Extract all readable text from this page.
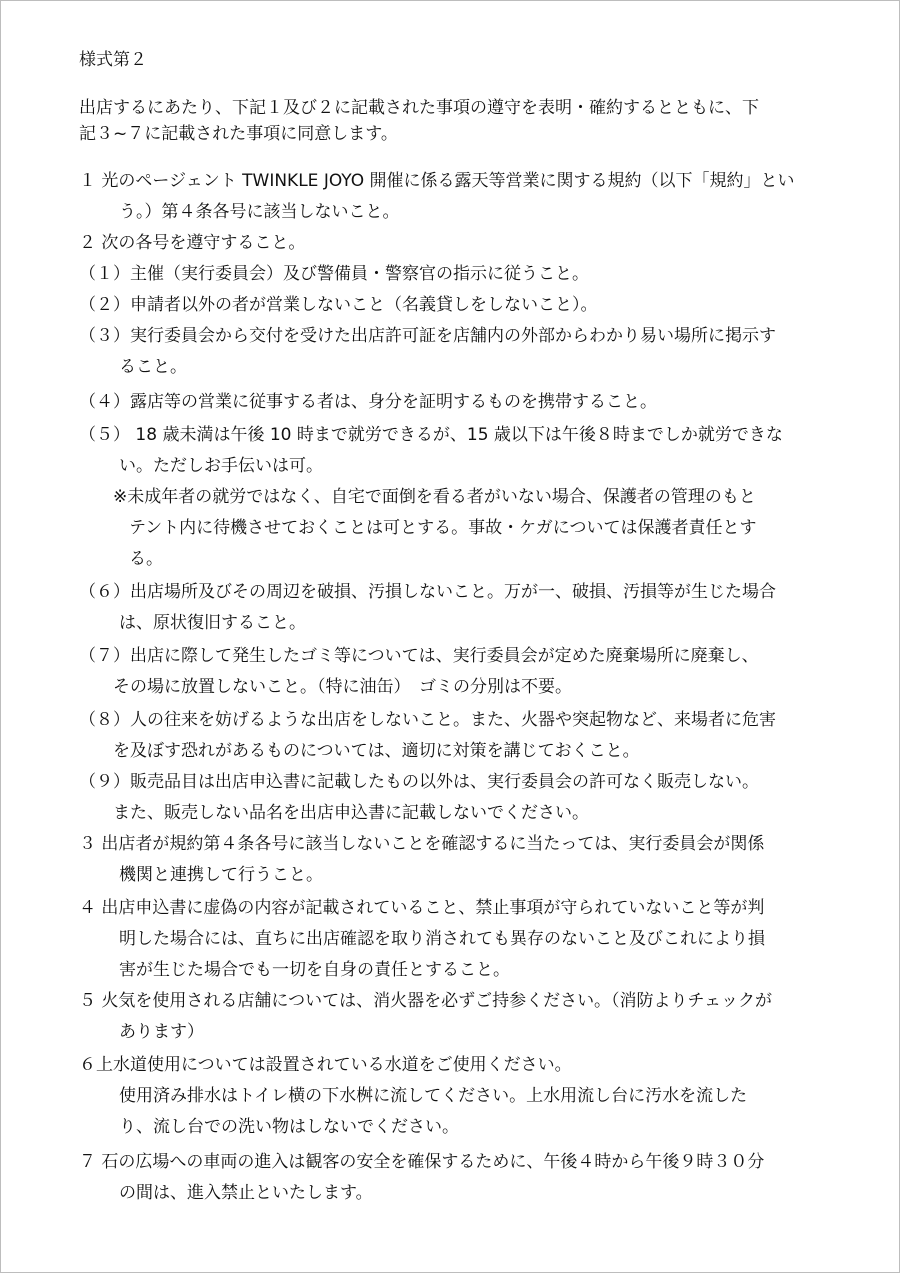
様式第２
出店するにあたり、下記１及び２に記載された事項の遵守を表明・確約するとともに、下
記３~７に記載された事項に同意します。
１ 光のページェント TWINKLE JOYO 開催に係る露天等営業に関する規約（以下「規約」とい
う。）第４条各号に該当しないこと。
２ 次の各号を遵守すること。
（１）主催（実行委員会）及び警備員・警察官の指示に従うこと。
（２）申請者以外の者が営業しないこと（名義貸しをしないこと）。
（３）実行委員会から交付を受けた出店許可証を店舗内の外部からわかり易い場所に掲示す
ること。
（４）露店等の営業に従事する者は、身分を証明するものを携帯すること。
（５） 18 歳未満は午後 10 時まで就労できるが、15 歳以下は午後８時までしか就労できな
い。ただしお手伝いは可。
※未成年者の就労ではなく、自宅で面倒を看る者がいない場合、保護者の管理のもと
テント内に待機させておくことは可とする。事故・ケガについては保護者責任とす
る。
（６）出店場所及びその周辺を破損、汚損しないこと。万が一、破損、汚損等が生じた場合
は、原状復旧すること。
（７）出店に際して発生したゴミ等については、実行委員会が定めた廃棄場所に廃棄し、
その場に放置しないこと。（特に油缶）　ゴミの分別は不要。
（８）人の往来を妨げるような出店をしないこと。また、火器や突起物など、来場者に危害
を及ぼす恐れがあるものについては、適切に対策を講じておくこと。
（９）販売品目は出店申込書に記載したもの以外は、実行委員会の許可なく販売しない。
また、販売しない品名を出店申込書に記載しないでください。
３ 出店者が規約第４条各号に該当しないことを確認するに当たっては、実行委員会が関係
機関と連携して行うこと。
４ 出店申込書に虚偽の内容が記載されていること、禁止事項が守られていないこと等が判
明した場合には、直ちに出店確認を取り消されても異存のないこと及びこれにより損
害が生じた場合でも一切を自身の責任とすること。
５ 火気を使用される店舗については、消火器を必ずご持参ください。（消防よりチェックが
あります）
６上水道使用については設置されている水道をご使用ください。
使用済み排水はトイレ横の下水桝に流してください。上水用流し台に汚水を流した
り、流し台での洗い物はしないでください。
７ 石の広場への車両の進入は観客の安全を確保するために、午後４時から午後９時３０分
の間は、進入禁止といたします。
